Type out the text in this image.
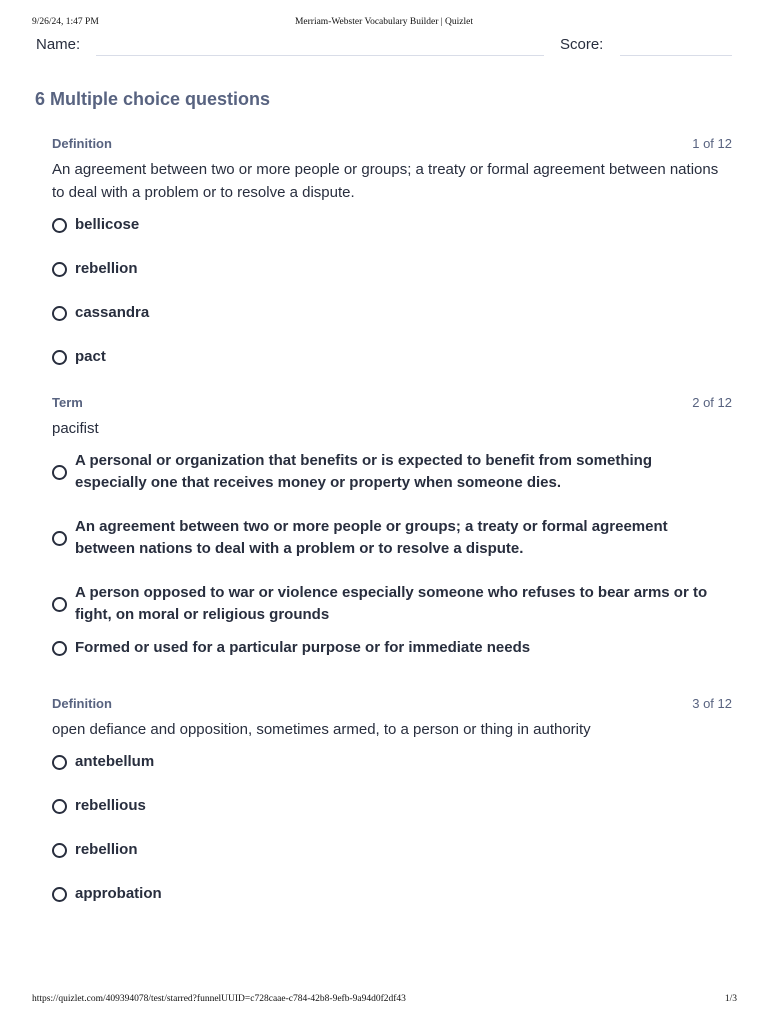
9/26/24, 1:47 PM	Merriam-Webster Vocabulary Builder | Quizlet
Name:	Score:
6 Multiple choice questions
Definition	1 of 12

An agreement between two or more people or groups; a treaty or formal agreement between nations to deal with a problem or to resolve a dispute.

bellicose
rebellion
cassandra
pact
Term	2 of 12

pacifist

A personal or organization that benefits or is expected to benefit from something especially one that receives money or property when someone dies.
An agreement between two or more people or groups; a treaty or formal agreement between nations to deal with a problem or to resolve a dispute.
A person opposed to war or violence especially someone who refuses to bear arms or to fight, on moral or religious grounds
Formed or used for a particular purpose or for immediate needs
Definition	3 of 12

open defiance and opposition, sometimes armed, to a person or thing in authority

antebellum
rebellious
rebellion
approbation
https://quizlet.com/409394078/test/starred?funnelUUID=c728caae-c784-42b8-9efb-9a94d0f2df43	1/3
